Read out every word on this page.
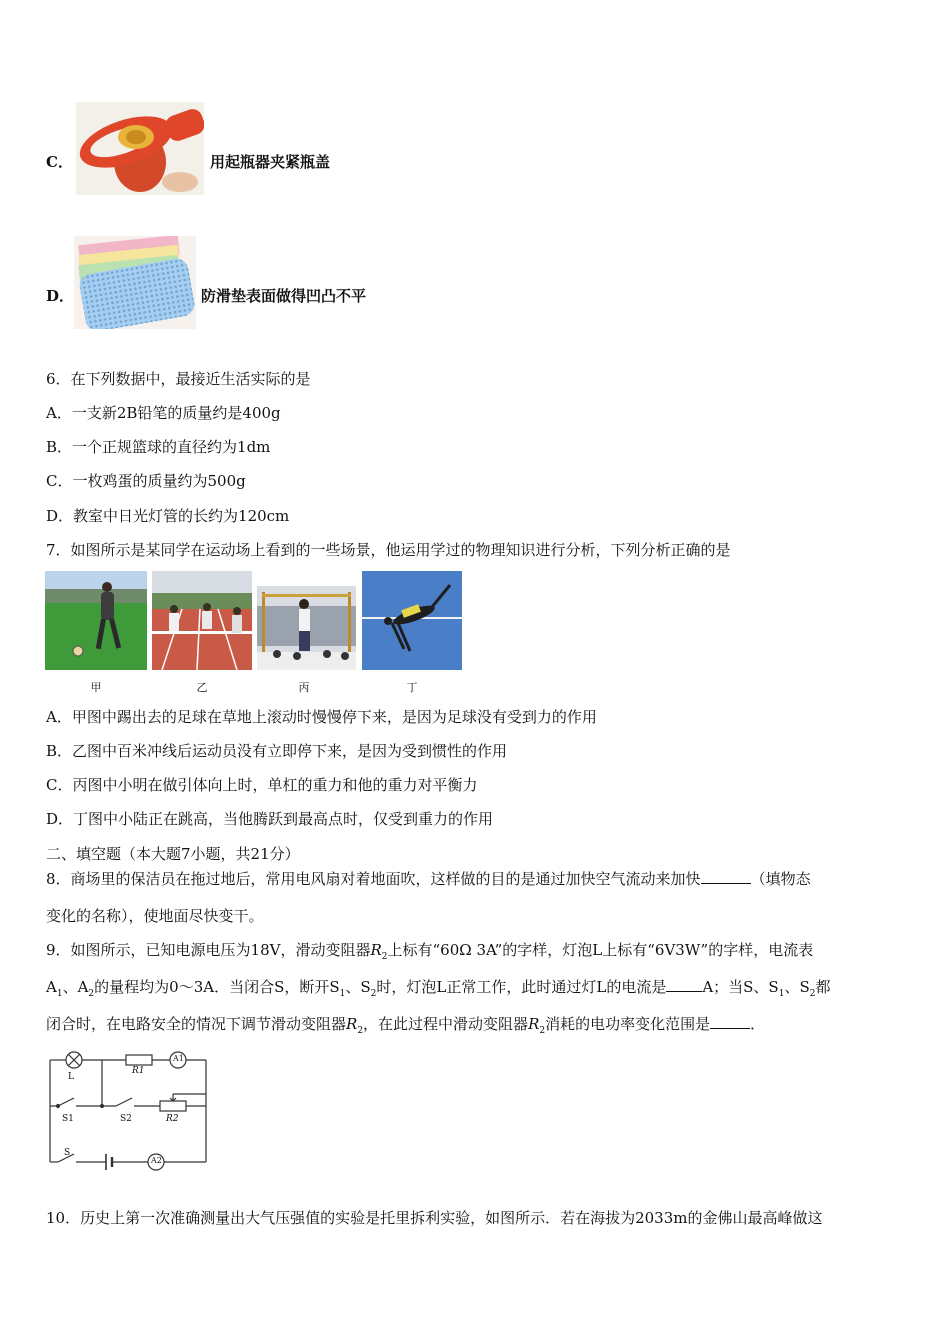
C．	用起瓶器夹紧瓶盖
D．	防滑垫表面做得凹凸不平
6．在下列数据中，最接近生活实际的是
A．一支新2B铅笔的质量约是400g
B．一个正规篮球的直径约为1dm
C．一枚鸡蛋的质量约为500g
D．教室中日光灯管的长约为120cm
7．如图所示是某同学在运动场上看到的一些场景，他运用学过的物理知识进行分析，下列分析正确的是
甲	乙	丙	丁
A．甲图中踢出去的足球在草地上滚动时慢慢停下来，是因为足球没有受到力的作用
B．乙图中百米冲线后运动员没有立即停下来，是因为受到惯性的作用
C．丙图中小明在做引体向上时，单杠的重力和他的重力对平衡力
D．丁图中小陆正在跳高，当他腾跃到最高点时，仅受到重力的作用
二、填空题（本大题7小题，共21分）
8．商场里的保洁员在拖过地后，常用电风扇对着地面吹，这样做的目的是通过加快空气流动来加快	（填物态
变化的名称），使地面尽快变干。
9．如图所示，已知电源电压为18V，滑动变阻器$R_2$上标有“60Ω 3A”的字样，灯泡L上标有“6V3W”的字样，电流表
$A_1$、$A_2$的量程均为0～3A．当闭合S，断开$S_1$、$S_2$时，灯泡L正常工作，此时通过灯L的电流是 A；当S、$S_1$、$S_2$都
闭合时，在电路安全的情况下调节滑动变阻器$R_2$，在此过程中滑动变阻器$R_2$消耗的电功率变化范围是	．
L
R1
A1
S1	S2	R2
S
A2
10．历史上第一次准确测量出大气压强值的实验是托里拆利实验，如图所示．若在海拔为2033m的金佛山最高峰做这
